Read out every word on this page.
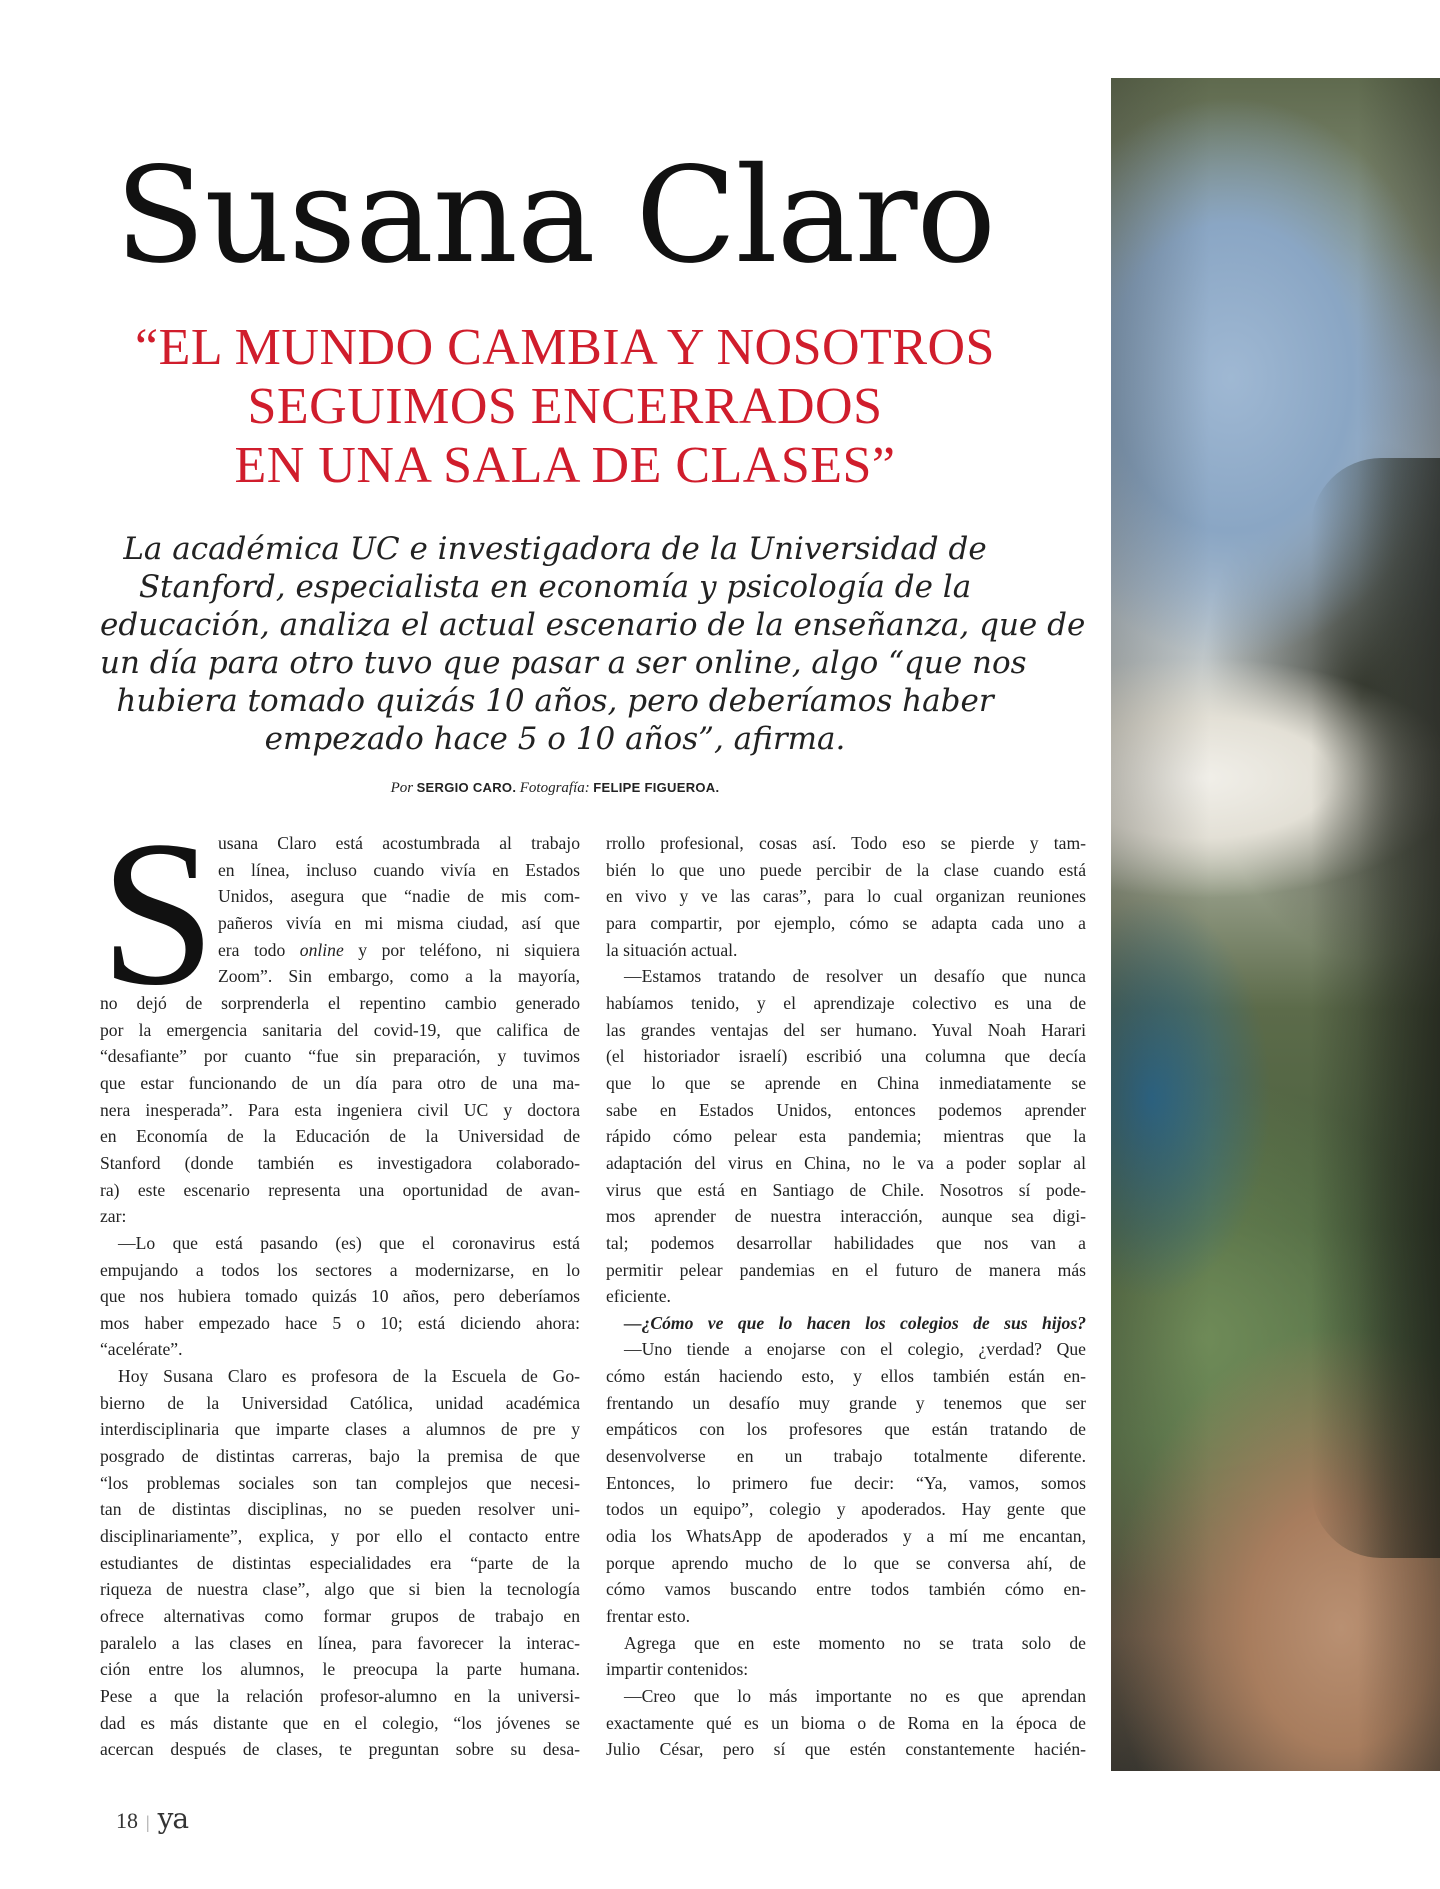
Susana Claro
“EL MUNDO CAMBIA Y NOSOTROS
SEGUIMOS ENCERRADOS
EN UNA SALA DE CLASES”

La académica UC e investigadora de la Universidad de
Stanford, especialista en economía y psicología de la
educación, analiza el actual escenario de la enseñanza, que de
un día para otro tuvo que pasar a ser online, algo “que nos
hubiera tomado quizás 10 años, pero deberíamos haber
empezado hace 5 o 10 años”, afirma.

Por SERGIO CARO. Fotografía: FELIPE FIGUEROA.
S usana Claro está acostumbrada al trabajo
en línea, incluso cuando vivía en Estados
Unidos, asegura que “nadie de mis com-
pañeros vivía en mi misma ciudad, así que
era todo online y por teléfono, ni siquiera
Zoom”. Sin embargo, como a la mayoría,
no dejó de sorprenderla el repentino cambio generado
por la emergencia sanitaria del covid-19, que califica de
“desafiante” por cuanto “fue sin preparación, y tuvimos
que estar funcionando de un día para otro de una ma-
nera inesperada”. Para esta ingeniera civil UC y doctora
en Economía de la Educación de la Universidad de
Stanford (donde también es investigadora colaborado-
ra) este escenario representa una oportunidad de avan-
zar:
—Lo que está pasando (es) que el coronavirus está
empujando a todos los sectores a modernizarse, en lo
que nos hubiera tomado quizás 10 años, pero deberíamos
mos haber empezado hace 5 o 10; está diciendo ahora:
“acelérate”.
Hoy Susana Claro es profesora de la Escuela de Go-
bierno de la Universidad Católica, unidad académica
interdisciplinaria que imparte clases a alumnos de pre y
posgrado de distintas carreras, bajo la premisa de que
“los problemas sociales son tan complejos que necesi-
tan de distintas disciplinas, no se pueden resolver uni-
disciplinariamente”, explica, y por ello el contacto entre
estudiantes de distintas especialidades era “parte de la
riqueza de nuestra clase”, algo que si bien la tecnología
ofrece alternativas como formar grupos de trabajo en
paralelo a las clases en línea, para favorecer la interac-
ción entre los alumnos, le preocupa la parte humana.
Pese a que la relación profesor-alumno en la universi-
dad es más distante que en el colegio, “los jóvenes se
acercan después de clases, te preguntan sobre su desa-
rrollo profesional, cosas así. Todo eso se pierde y tam-
bién lo que uno puede percibir de la clase cuando está
en vivo y ve las caras”, para lo cual organizan reuniones
para compartir, por ejemplo, cómo se adapta cada uno a
la situación actual.
—Estamos tratando de resolver un desafío que nunca
habíamos tenido, y el aprendizaje colectivo es una de
las grandes ventajas del ser humano. Yuval Noah Harari
(el historiador israelí) escribió una columna que decía
que lo que se aprende en China inmediatamente se
sabe en Estados Unidos, entonces podemos aprender
rápido cómo pelear esta pandemia; mientras que la
adaptación del virus en China, no le va a poder soplar al
virus que está en Santiago de Chile. Nosotros sí pode-
mos aprender de nuestra interacción, aunque sea digi-
tal; podemos desarrollar habilidades que nos van a
permitir pelear pandemias en el futuro de manera más
eficiente.
—¿Cómo ve que lo hacen los colegios de sus hijos?
—Uno tiende a enojarse con el colegio, ¿verdad? Que
cómo están haciendo esto, y ellos también están en-
frentando un desafío muy grande y tenemos que ser
empáticos con los profesores que están tratando de
desenvolverse en un trabajo totalmente diferente.
Entonces, lo primero fue decir: “Ya, vamos, somos
todos un equipo”, colegio y apoderados. Hay gente que
odia los WhatsApp de apoderados y a mí me encantan,
porque aprendo mucho de lo que se conversa ahí, de
cómo vamos buscando entre todos también cómo en-
frentar esto.
Agrega que en este momento no se trata solo de
impartir contenidos:
—Creo que lo más importante no es que aprendan
exactamente qué es un bioma o de Roma en la época de
Julio César, pero sí que estén constantemente hacién-
18 | ya
